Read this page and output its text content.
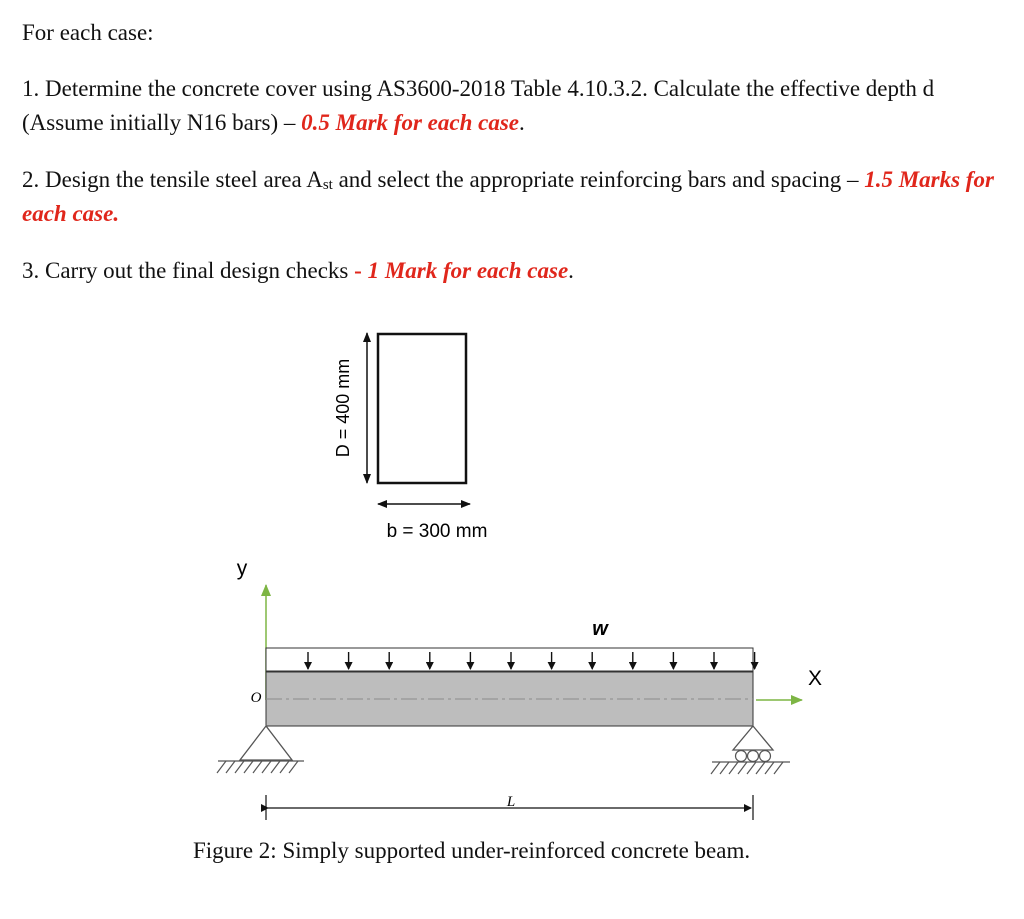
For each case:

1. Determine the concrete cover using AS3600-2018 Table 4.10.3.2. Calculate the effective depth d (Assume initially N16 bars) – 0.5 Mark for each case.

2. Design the tensile steel area $A_{st}$ and select the appropriate reinforcing bars and spacing – 1.5 Marks for each case.

3. Carry out the final design checks - 1 Mark for each case.

D = 400 mm
b = 300 mm
y
X
O
w
L
Figure 2: Simply supported under-reinforced concrete beam.
